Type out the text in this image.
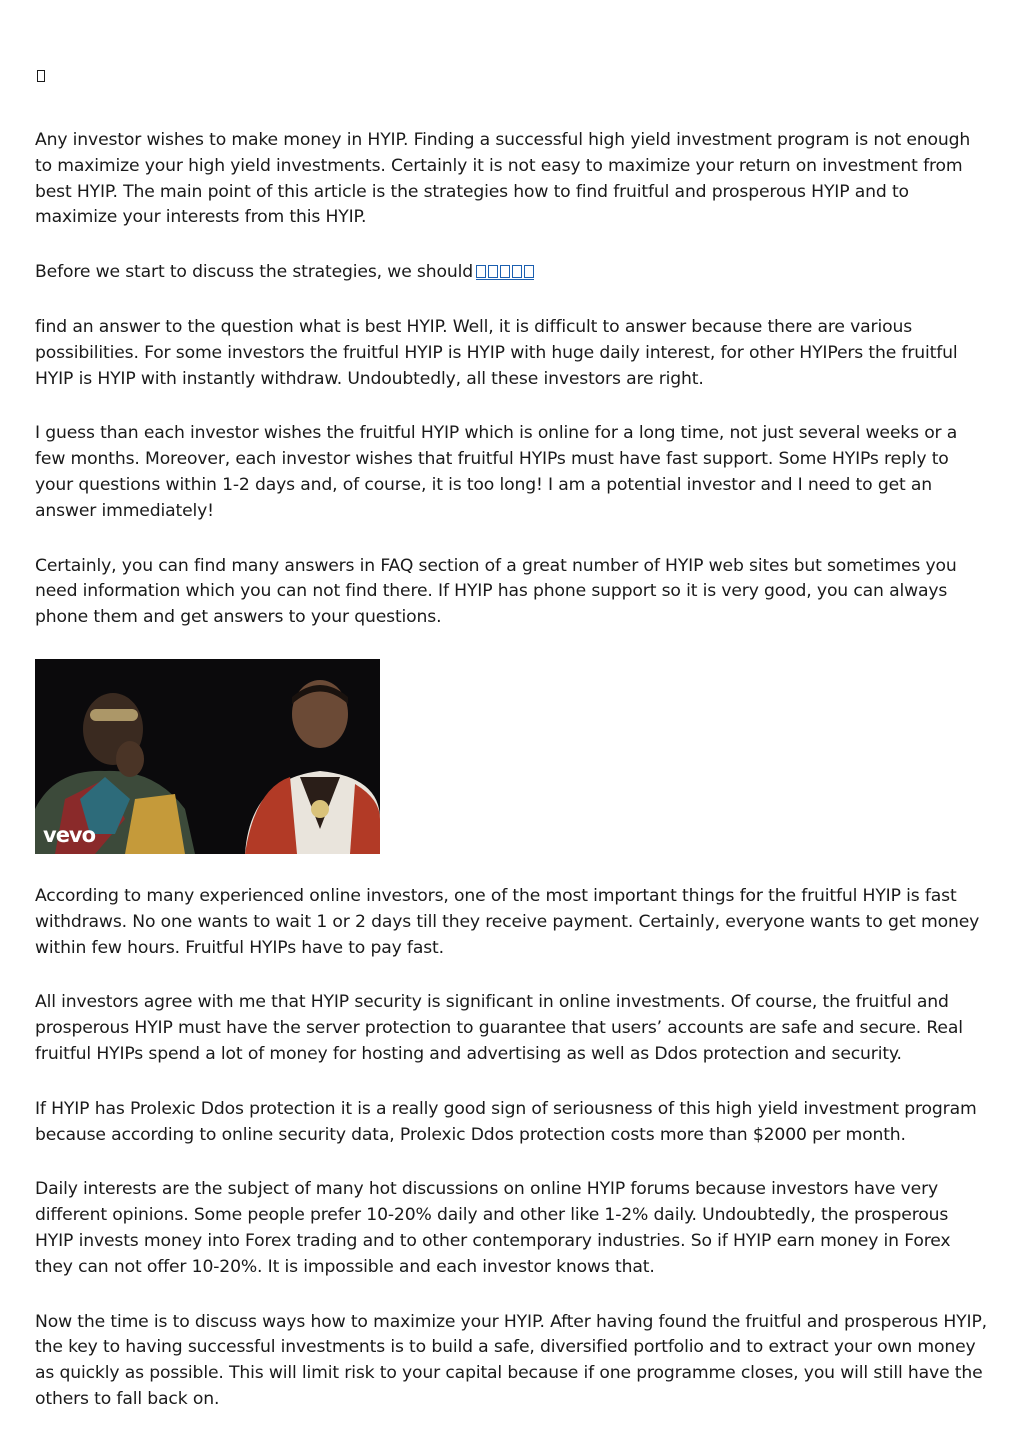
Any investor wishes to make money in HYIP. Finding a successful high yield investment program is not enough to maximize your high yield investments. Certainly it is not easy to maximize your return on investment from best HYIP. The main point of this article is the strategies how to find fruitful and prosperous HYIP and to maximize your interests from this HYIP.

Before we start to discuss the strategies, we should

find an answer to the question what is best HYIP. Well, it is difficult to answer because there are various possibilities. For some investors the fruitful HYIP is HYIP with huge daily interest, for other HYIPers the fruitful HYIP is HYIP with instantly withdraw. Undoubtedly, all these investors are right.

I guess than each investor wishes the fruitful HYIP which is online for a long time, not just several weeks or a few months. Moreover, each investor wishes that fruitful HYIPs must have fast support. Some HYIPs reply to your questions within 1-2 days and, of course, it is too long! I am a potential investor and I need to get an answer immediately!

Certainly, you can find many answers in FAQ section of a great number of HYIP web sites but sometimes you need information which you can not find there. If HYIP has phone support so it is very good, you can always phone them and get answers to your questions.

vevo

According to many experienced online investors, one of the most important things for the fruitful HYIP is fast withdraws. No one wants to wait 1 or 2 days till they receive payment. Certainly, everyone wants to get money within few hours. Fruitful HYIPs have to pay fast.

All investors agree with me that HYIP security is significant in online investments. Of course, the fruitful and prosperous HYIP must have the server protection to guarantee that users’ accounts are safe and secure. Real fruitful HYIPs spend a lot of money for hosting and advertising as well as Ddos protection and security.

If HYIP has Prolexic Ddos protection it is a really good sign of seriousness of this high yield investment program because according to online security data, Prolexic Ddos protection costs more than $2000 per month.

Daily interests are the subject of many hot discussions on online HYIP forums because investors have very different opinions. Some people prefer 10-20% daily and other like 1-2% daily. Undoubtedly, the prosperous HYIP invests money into Forex trading and to other contemporary industries. So if HYIP earn money in Forex they can not offer 10-20%. It is impossible and each investor knows that.

Now the time is to discuss ways how to maximize your HYIP. After having found the fruitful and prosperous HYIP, the key to having successful investments is to build a safe, diversified portfolio and to extract your own money as quickly as possible. This will limit risk to your capital because if one programme closes, you will still have the others to fall back on.
